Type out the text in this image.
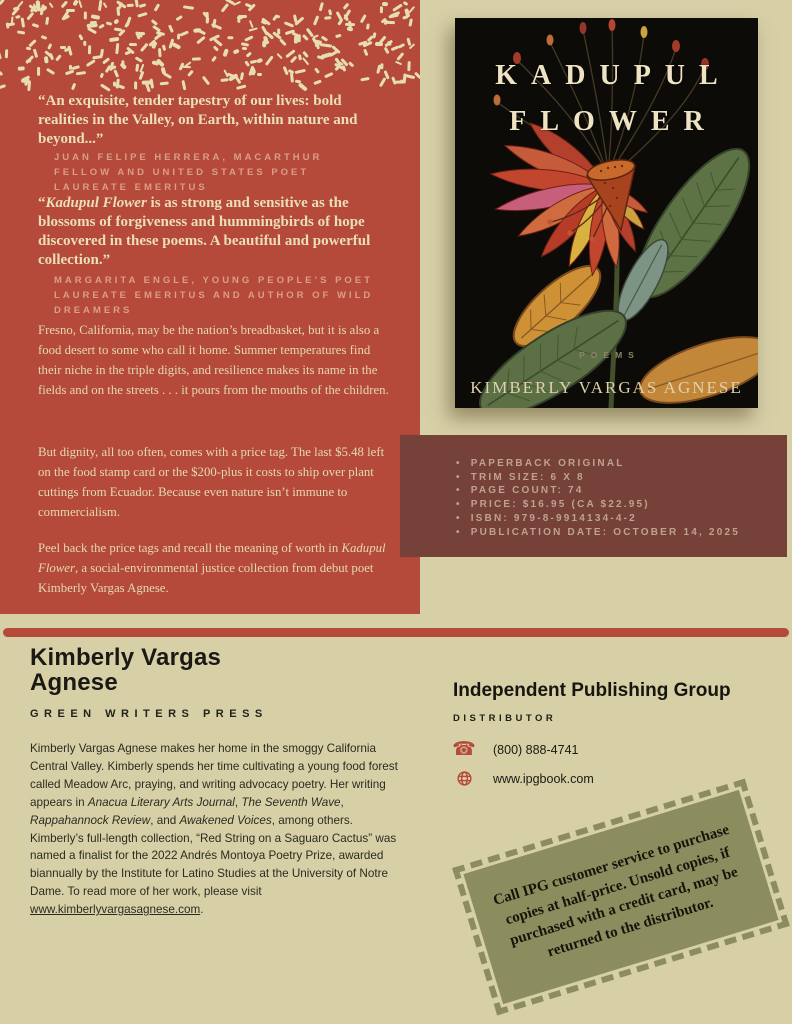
“An exquisite, tender tapestry of our lives: bold realities in the Valley, on Earth, within nature and beyond...”
JUAN FELIPE HERRERA, MACARTHUR FELLOW AND UNITED STATES POET LAUREATE EMERITUS
“Kadupul Flower is as strong and sensitive as the blossoms of forgiveness and hummingbirds of hope discovered in these poems. A beautiful and powerful collection.”
MARGARITA ENGLE, YOUNG PEOPLE’S POET LAUREATE EMERITUS AND AUTHOR OF WILD DREAMERS
Fresno, California, may be the nation’s breadbasket, but it is also a food desert to some who call it home. Summer temperatures find their niche in the triple digits, and resilience makes its name in the fields and on the streets . . . it pours from the mouths of the children.
But dignity, all too often, comes with a price tag. The last $5.48 left on the food stamp card or the $200-plus it costs to ship over plant cuttings from Ecuador. Because even nature isn’t immune to commercialism.
Peel back the price tags and recall the meaning of worth in Kadupul Flower, a social-environmental justice collection from debut poet Kimberly Vargas Agnese.
KADUPUL
FLOWER
POEMS
KIMBERLY VARGAS AGNESE
• PAPERBACK ORIGINAL
• TRIM SIZE: 6 X 8
• PAGE COUNT: 74
• PRICE: $16.95 (CA $22.95)
• ISBN: 979-8-9914134-4-2
• PUBLICATION DATE: OCTOBER 14, 2025
Kimberly Vargas Agnese
GREEN WRITERS PRESS
Kimberly Vargas Agnese makes her home in the smoggy California Central Valley. Kimberly spends her time cultivating a young food forest called Meadow Arc, praying, and writing advocacy poetry. Her writing appears in Anacua Literary Arts Journal, The Seventh Wave, Rappahannock Review, and Awakened Voices, among others. Kimberly’s full-length collection, “Red String on a Saguaro Cactus” was named a finalist for the 2022 Andrés Montoya Poetry Prize, awarded biannually by the Institute for Latino Studies at the University of Notre Dame. To read more of her work, please visit www.kimberlyvargasagnese.com.
Independent Publishing Group
DISTRIBUTOR
☎ (800) 888-4741
www.ipgbook.com
Call IPG customer service to purchase copies at half-price. Unsold copies, if purchased with a credit card, may be returned to the distributor.
